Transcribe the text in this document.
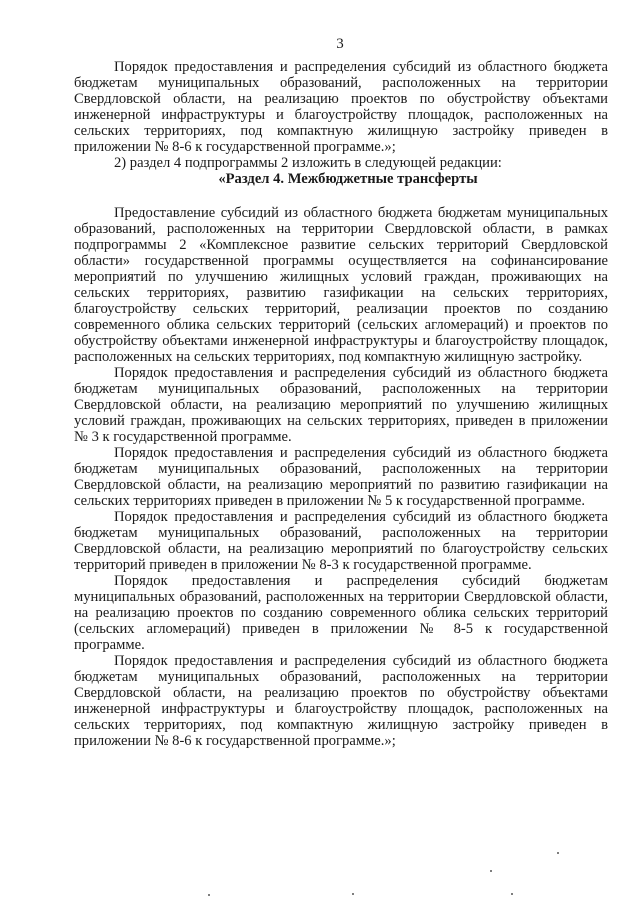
3

Порядок предоставления и распределения субсидий из областного бюджета бюджетам муниципальных образований, расположенных на территории Свердловской области, на реализацию проектов по обустройству объектами инженерной инфраструктуры и благоустройству площадок, расположенных на сельских территориях, под компактную жилищную застройку приведен в приложении № 8-6 к государственной программе.»;

2) раздел 4 подпрограммы 2 изложить в следующей редакции:

«Раздел 4. Межбюджетные трансферты

Предоставление субсидий из областного бюджета бюджетам муниципальных образований, расположенных на территории Свердловской области, в рамках подпрограммы 2 «Комплексное развитие сельских территорий Свердловской области» государственной программы осуществляется на софинансирование мероприятий по улучшению жилищных условий граждан, проживающих на сельских территориях, развитию газификации на сельских территориях, благоустройству сельских территорий, реализации проектов по созданию современного облика сельских территорий (сельских агломераций) и проектов по обустройству объектами инженерной инфраструктуры и благоустройству площадок, расположенных на сельских территориях, под компактную жилищную застройку.

Порядок предоставления и распределения субсидий из областного бюджета бюджетам муниципальных образований, расположенных на территории Свердловской области, на реализацию мероприятий по улучшению жилищных условий граждан, проживающих на сельских территориях, приведен в приложении № 3 к государственной программе.

Порядок предоставления и распределения субсидий из областного бюджета бюджетам муниципальных образований, расположенных на территории Свердловской области, на реализацию мероприятий по развитию газификации на сельских территориях приведен в приложении № 5 к государственной программе.

Порядок предоставления и распределения субсидий из областного бюджета бюджетам муниципальных образований, расположенных на территории Свердловской области, на реализацию мероприятий по благоустройству сельских территорий приведен в приложении № 8-3 к государственной программе.

Порядок предоставления и распределения субсидий бюджетам муниципальных образований, расположенных на территории Свердловской области, на реализацию проектов по созданию современного облика сельских территорий (сельских агломераций) приведен в приложении № 8-5 к государственной программе.

Порядок предоставления и распределения субсидий из областного бюджета бюджетам муниципальных образований, расположенных на территории Свердловской области, на реализацию проектов по обустройству объектами инженерной инфраструктуры и благоустройству площадок, расположенных на сельских территориях, под компактную жилищную застройку приведен в приложении № 8-6 к государственной программе.»;
